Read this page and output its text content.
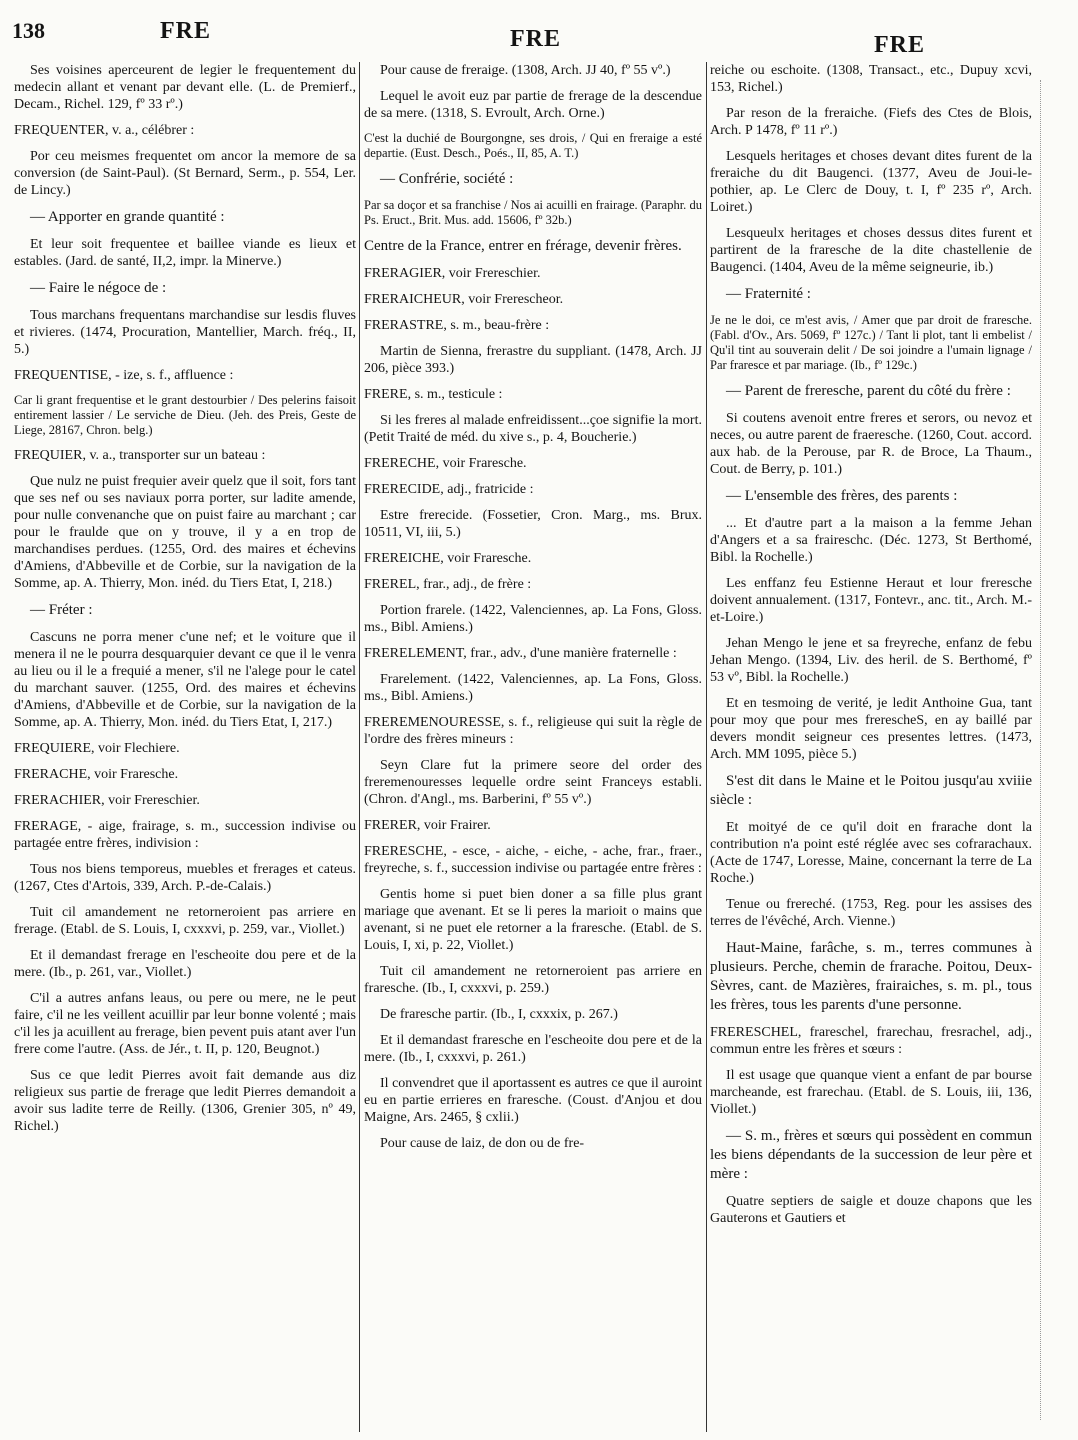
138	FRE	FRE	FRE

Ses voisines aperceurent de legier le frequentement du medecin allant et venant par devant elle. (L. de Premierf., Decam., Richel. 129, fº 33 rº.)

FREQUENTER, v. a., célébrer :

Por ceu meismes frequentet om ancor la memore de sa conversion (de Saint-Paul). (St Bernard, Serm., p. 554, Ler. de Lincy.)

— Apporter en grande quantité :

Et leur soit frequentee et baillee viande es lieux et estables. (Jard. de santé, II,2, impr. la Minerve.)

— Faire le négoce de :

Tous marchans frequentans marchandise sur lesdis fluves et rivieres. (1474, Procuration, Mantellier, March. fréq., II, 5.)

FREQUENTISE, - ize, s. f., affluence :

Car li grant frequentise et le grant destourbier / Des pelerins faisoit entirement lassier / Le serviche de Dieu. (Jeh. des Preis, Geste de Liege, 28167, Chron. belg.)

FREQUIER, v. a., transporter sur un bateau :

Que nulz ne puist frequier aveir quelz que il soit, fors tant que ses nef ou ses naviaux porra porter, sur ladite amende, pour nulle convenanche que on puist faire au marchant ; car pour le fraulde que on y trouve, il y a en trop de marchandises perdues. (1255, Ord. des maires et échevins d'Amiens, d'Abbeville et de Corbie, sur la navigation de la Somme, ap. A. Thierry, Mon. inéd. du Tiers Etat, I, 218.)

— Fréter :

Cascuns ne porra mener c'une nef; et le voiture que il menera il ne le pourra desquarquier devant ce que il le venra au lieu ou il le a frequié a mener, s'il ne l'alege pour le catel du marchant sauver. (1255, Ord. des maires et échevins d'Amiens, d'Abbeville et de Corbie, sur la navigation de la Somme, ap. A. Thierry, Mon. inéd. du Tiers Etat, I, 217.)

FREQUIERE, voir Flechiere.

FRERACHE, voir Fraresche.

FRERACHIER, voir Frereschier.

FRERAGE, - aige, frairage, s. m., succession indivise ou partagée entre frères, indivision :

Tous nos biens temporeus, muebles et frerages et cateus. (1267, Ctes d'Artois, 339, Arch. P.-de-Calais.)

Tuit cil amandement ne retorneroient pas arriere en frerage. (Etabl. de S. Louis, I, cxxxvi, p. 259, var., Viollet.)

Et il demandast frerage en l'escheoite dou pere et de la mere. (Ib., p. 261, var., Viollet.)

C'il a autres anfans leaus, ou pere ou mere, ne le peut faire, c'il ne les veillent acuillir par leur bonne volenté ; mais c'il les ja acuillent au frerage, bien pevent puis atant aver l'un frere come l'autre. (Ass. de Jér., t. II, p. 120, Beugnot.)

Sus ce que ledit Pierres avoit fait demande aus diz religieux sus partie de frerage que ledit Pierres demandoit a avoir sus ladite terre de Reilly. (1306, Grenier 305, nº 49, Richel.)

Pour cause de freraige. (1308, Arch. JJ 40, fº 55 vº.)

Lequel le avoit euz par partie de frerage de la descendue de sa mere. (1318, S. Evroult, Arch. Orne.)

C'est la duchié de Bourgongne, ses drois, / Qui en freraige a esté departie. (Eust. Desch., Poés., II, 85, A. T.)

— Confrérie, société :

Par sa doçor et sa franchise / Nos ai acuilli en frairage. (Paraphr. du Ps. Eruct., Brit. Mus. add. 15606, fº 32b.)

Centre de la France, entrer en frérage, devenir frères.

FRERAGIER, voir Frereschier.

FRERAICHEUR, voir Frerescheor.

FRERASTRE, s. m., beau-frère :

Martin de Sienna, frerastre du suppliant. (1478, Arch. JJ 206, pièce 393.)

FRERE, s. m., testicule :

Si les freres al malade enfreidissent...çoe signifie la mort. (Petit Traité de méd. du xive s., p. 4, Boucherie.)

FRERECHE, voir Fraresche.

FRERECIDE, adj., fratricide :

Estre frerecide. (Fossetier, Cron. Marg., ms. Brux. 10511, VI, iii, 5.)

FREREICHE, voir Fraresche.

FREREL, frar., adj., de frère :

Portion frarele. (1422, Valenciennes, ap. La Fons, Gloss. ms., Bibl. Amiens.)

FRERELEMENT, frar., adv., d'une manière fraternelle :

Frarelement. (1422, Valenciennes, ap. La Fons, Gloss. ms., Bibl. Amiens.)

FREREMENOURESSE, s. f., religieuse qui suit la règle de l'ordre des frères mineurs :

Seyn Clare fut la primere seore del order des freremenouresses lequelle ordre seint Franceys establi. (Chron. d'Angl., ms. Barberini, fº 55 vº.)

FRERER, voir Frairer.

FRERESCHE, - esce, - aiche, - eiche, - ache, frar., fraer., freyreche, s. f., succession indivise ou partagée entre frères :

Gentis home si puet bien doner a sa fille plus grant mariage que avenant. Et se li peres la marioit o mains que avenant, si ne puet ele retorner a la fraresche. (Etabl. de S. Louis, I, xi, p. 22, Viollet.)

Tuit cil amandement ne retorneroient pas arriere en fraresche. (Ib., I, cxxxvi, p. 259.)

De fraresche partir. (Ib., I, cxxxix, p. 267.)

Et il demandast fraresche en l'escheoite dou pere et de la mere. (Ib., I, cxxxvi, p. 261.)

Il convendret que il aportassent es autres ce que il auroint eu en partie errieres en fraresche. (Coust. d'Anjou et dou Maigne, Ars. 2465, § cxlii.)

Pour cause de laiz, de don ou de fre-

reiche ou eschoite. (1308, Transact., etc., Dupuy xcvi, 153, Richel.)

Par reson de la freraiche. (Fiefs des Ctes de Blois, Arch. P 1478, fº 11 rº.)

Lesquels heritages et choses devant dites furent de la freraiche du dit Baugenci. (1377, Aveu de Joui-le-pothier, ap. Le Clerc de Douy, t. I, fº 235 rº, Arch. Loiret.)

Lesqueulx heritages et choses dessus dites furent et partirent de la fraresche de la dite chastellenie de Baugenci. (1404, Aveu de la même seigneurie, ib.)

— Fraternité :

Je ne le doi, ce m'est avis, / Amer que par droit de fraresche. (Fabl. d'Ov., Ars. 5069, fº 127c.) / Tant li plot, tant li embelist / Qu'il tint au souverain delit / De soi joindre a l'umain lignage / Par fraresce et par mariage. (Ib., fº 129c.)

— Parent de freresche, parent du côté du frère :

Si coutens avenoit entre freres et serors, ou nevoz et neces, ou autre parent de fraeresche. (1260, Cout. accord. aux hab. de la Perouse, par R. de Broce, La Thaum., Cout. de Berry, p. 101.)

— L'ensemble des frères, des parents :

... Et d'autre part a la maison a la femme Jehan d'Angers et a sa fraireschc. (Déc. 1273, St Berthomé, Bibl. la Rochelle.)

Les enffanz feu Estienne Heraut et lour freresche doivent annualement. (1317, Fontevr., anc. tit., Arch. M.-et-Loire.)

Jehan Mengo le jene et sa freyreche, enfanz de febu Jehan Mengo. (1394, Liv. des heril. de S. Berthomé, fº 53 vº, Bibl. la Rochelle.)

Et en tesmoing de verité, je ledit Anthoine Gua, tant pour moy que pour mes frerescheS, en ay baillé par devers mondit seigneur ces presentes lettres. (1473, Arch. MM 1095, pièce 5.)

S'est dit dans le Maine et le Poitou jusqu'au xviiie siècle :

Et moityé de ce qu'il doit en frarache dont la contribution n'a point esté réglée avec ses cofrarachaux. (Acte de 1747, Loresse, Maine, concernant la terre de La Roche.)

Tenue ou frereché. (1753, Reg. pour les assises des terres de l'évêché, Arch. Vienne.)

Haut-Maine, farâche, s. m., terres communes à plusieurs. Perche, chemin de frarache. Poitou, Deux-Sèvres, cant. de Mazières, frairaiches, s. m. pl., tous les frères, tous les parents d'une personne.

FRERESCHEL, frareschel, frarechau, fresrachel, adj., commun entre les frères et sœurs :

Il est usage que quanque vient a enfant de par bourse marcheande, est frarechau. (Etabl. de S. Louis, iii, 136, Viollet.)

— S. m., frères et sœurs qui possèdent en commun les biens dépendants de la succession de leur père et mère :

Quatre septiers de saigle et douze chapons que les Gauterons et Gautiers et
